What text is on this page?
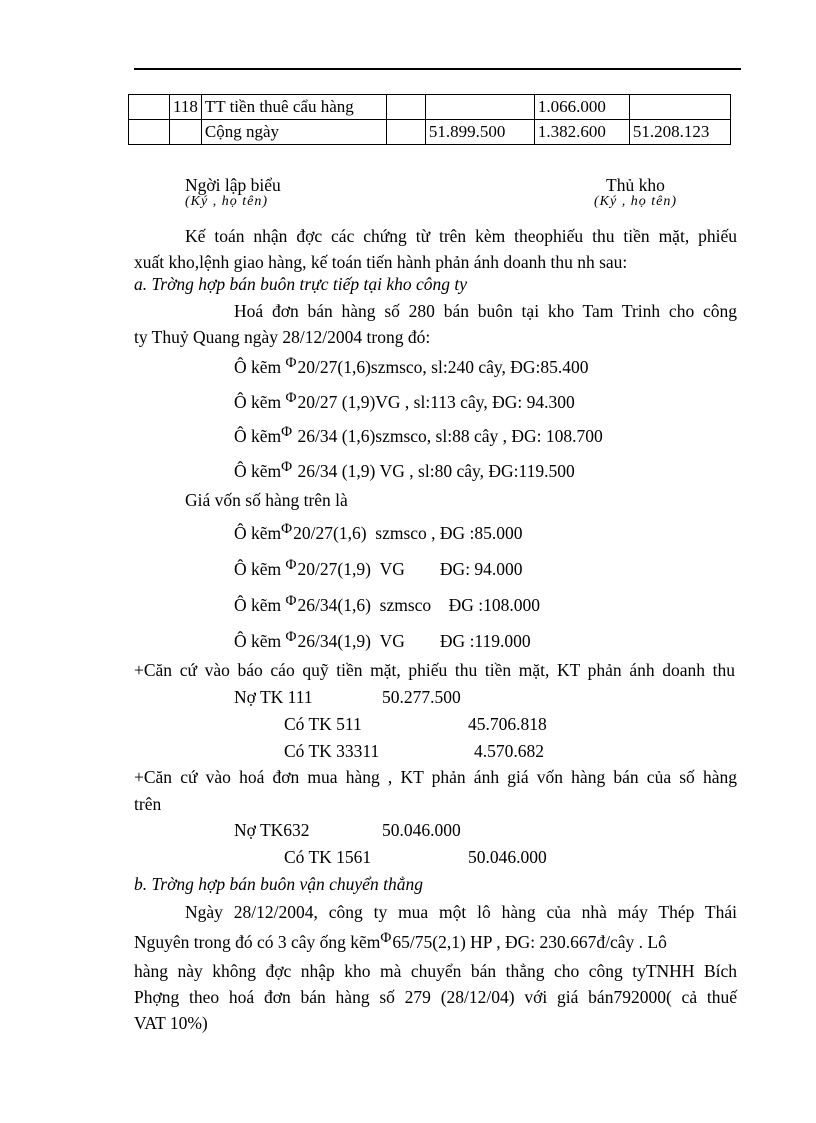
	118	TT tiền thuê cẩu hàng			1.066.000	
		Cộng ngày		51.899.500	1.382.600	51.208.123
Ngời lập biểu
(Ký , họ tên)
Thủ kho
(Ký , họ tên)
Kế toán nhận đợc các chứng từ trên kèm theophiếu thu tiền mặt, phiếu
xuất kho,lệnh giao hàng, kế toán tiến hành phản ánh doanh thu nh sau:
a. Trờng hợp bán buôn trực tiếp tại kho công ty
Hoá đơn bán hàng số 280 bán buôn tại kho Tam Trinh cho công
ty Thuỷ Quang ngày 28/12/2004 trong đó:
Ô kẽm Φ20/27(1,6)szmsco, sl:240 cây, ĐG:85.400
Ô kẽm Φ20/27 (1,9)VG , sl:113 cây, ĐG: 94.300
Ô kẽmΦ 26/34 (1,6)szmsco, sl:88 cây , ĐG: 108.700
Ô kẽmΦ 26/34 (1,9) VG , sl:80 cây, ĐG:119.500
Giá vốn số hàng trên là
Ô kẽmΦ20/27(1,6)  szmsco , ĐG :85.000
Ô kẽm Φ20/27(1,9)  VG        ĐG: 94.000
Ô kẽm Φ26/34(1,6)  szmsco    ĐG :108.000
Ô kẽm Φ26/34(1,9)  VG        ĐG :119.000
+Căn cứ vào báo cáo quỹ tiền mặt, phiếu thu tiền mặt, KT phản ánh doanh thu
Nợ TK 111	50.277.500
Có TK 511	45.706.818
Có TK 33311	4.570.682
+Căn cứ vào hoá đơn mua hàng , KT phản ánh giá vốn hàng bán của số hàng
trên
Nợ TK632	50.046.000
Có TK 1561	50.046.000
b. Trờng hợp bán buôn vận chuyển thẳng
Ngày 28/12/2004, công ty mua một lô hàng của nhà máy Thép Thái
Nguyên trong đó có 3 cây ống kẽmΦ65/75(2,1) HP , ĐG: 230.667đ/cây . Lô
hàng này không đợc nhập kho mà chuyển bán thẳng cho công tyTNHH Bích
Phợng theo hoá đơn bán hàng số 279 (28/12/04) với giá bán792000( cả thuế
VAT 10%)
